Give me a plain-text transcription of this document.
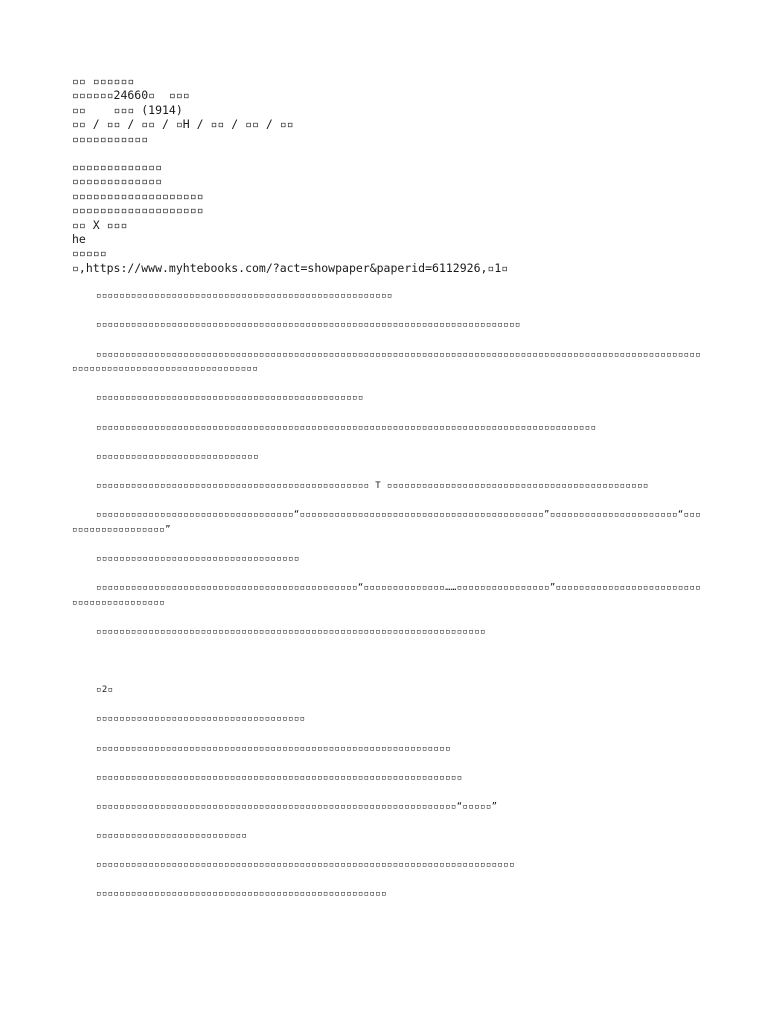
▫▫ ▫▫▫▫▫▫
▫▫▫▫▫▫24660▫  ▫▫▫
▫▫    ▫▫▫ (1914)
▫▫ / ▫▫ / ▫▫ / ▫H / ▫▫ / ▫▫ / ▫▫
▫▫▫▫▫▫▫▫▫▫▫
▫▫▫▫▫▫▫▫▫▫▫▫▫
▫▫▫▫▫▫▫▫▫▫▫▫▫
▫▫▫▫▫▫▫▫▫▫▫▫▫▫▫▫▫▫▫
▫▫▫▫▫▫▫▫▫▫▫▫▫▫▫▫▫▫▫
▫▫ X ▫▫▫
he
▫▫▫▫▫
▫,https://www.myhtebooks.com/?act=showpaper&paperid=6112926,▫1▫

▫▫▫▫▫▫▫▫▫▫▫▫▫▫▫▫▫▫▫▫▫▫▫▫▫▫▫▫▫▫▫▫▫▫▫▫▫▫▫▫▫▫▫▫▫▫▫▫▫▫▫

▫▫▫▫▫▫▫▫▫▫▫▫▫▫▫▫▫▫▫▫▫▫▫▫▫▫▫▫▫▫▫▫▫▫▫▫▫▫▫▫▫▫▫▫▫▫▫▫▫▫▫▫▫▫▫▫▫▫▫▫▫▫▫▫▫▫▫▫▫▫▫▫▫

▫▫▫▫▫▫▫▫▫▫▫▫▫▫▫▫▫▫▫▫▫▫▫▫▫▫▫▫▫▫▫▫▫▫▫▫▫▫▫▫▫▫▫▫▫▫▫▫▫▫▫▫▫▫▫▫▫▫▫▫▫▫▫▫▫▫▫▫▫▫▫▫▫▫▫▫▫▫▫▫▫▫▫▫▫▫▫▫▫▫▫▫▫▫▫▫▫▫▫▫▫▫▫▫▫▫▫▫▫▫▫▫▫▫▫▫▫▫▫▫▫▫▫▫▫▫▫▫▫▫▫▫▫▫▫▫

▫▫▫▫▫▫▫▫▫▫▫▫▫▫▫▫▫▫▫▫▫▫▫▫▫▫▫▫▫▫▫▫▫▫▫▫▫▫▫▫▫▫▫▫▫▫

▫▫▫▫▫▫▫▫▫▫▫▫▫▫▫▫▫▫▫▫▫▫▫▫▫▫▫▫▫▫▫▫▫▫▫▫▫▫▫▫▫▫▫▫▫▫▫▫▫▫▫▫▫▫▫▫▫▫▫▫▫▫▫▫▫▫▫▫▫▫▫▫▫▫▫▫▫▫▫▫▫▫▫▫▫▫

▫▫▫▫▫▫▫▫▫▫▫▫▫▫▫▫▫▫▫▫▫▫▫▫▫▫▫▫

▫▫▫▫▫▫▫▫▫▫▫▫▫▫▫▫▫▫▫▫▫▫▫▫▫▫▫▫▫▫▫▫▫▫▫▫▫▫▫▫▫▫▫▫▫▫▫ T ▫▫▫▫▫▫▫▫▫▫▫▫▫▫▫▫▫▫▫▫▫▫▫▫▫▫▫▫▫▫▫▫▫▫▫▫▫▫▫▫▫▫▫▫▫

▫▫▫▫▫▫▫▫▫▫▫▫▫▫▫▫▫▫▫▫▫▫▫▫▫▫▫▫▫▫▫▫▫▫“▫▫▫▫▫▫▫▫▫▫▫▫▫▫▫▫▫▫▫▫▫▫▫▫▫▫▫▫▫▫▫▫▫▫▫▫▫▫▫▫▫▫”▫▫▫▫▫▫▫▫▫▫▫▫▫▫▫▫▫▫▫▫▫▫“▫▫▫▫▫▫▫▫▫▫▫▫▫▫▫▫▫▫▫”

▫▫▫▫▫▫▫▫▫▫▫▫▫▫▫▫▫▫▫▫▫▫▫▫▫▫▫▫▫▫▫▫▫▫▫

▫▫▫▫▫▫▫▫▫▫▫▫▫▫▫▫▫▫▫▫▫▫▫▫▫▫▫▫▫▫▫▫▫▫▫▫▫▫▫▫▫▫▫▫▫“▫▫▫▫▫▫▫▫▫▫▫▫▫▫……▫▫▫▫▫▫▫▫▫▫▫▫▫▫▫▫”▫▫▫▫▫▫▫▫▫▫▫▫▫▫▫▫▫▫▫▫▫▫▫▫▫▫▫▫▫▫▫▫▫▫▫▫▫▫▫▫▫

▫▫▫▫▫▫▫▫▫▫▫▫▫▫▫▫▫▫▫▫▫▫▫▫▫▫▫▫▫▫▫▫▫▫▫▫▫▫▫▫▫▫▫▫▫▫▫▫▫▫▫▫▫▫▫▫▫▫▫▫▫▫▫▫▫▫▫

▫2▫

▫▫▫▫▫▫▫▫▫▫▫▫▫▫▫▫▫▫▫▫▫▫▫▫▫▫▫▫▫▫▫▫▫▫▫▫

▫▫▫▫▫▫▫▫▫▫▫▫▫▫▫▫▫▫▫▫▫▫▫▫▫▫▫▫▫▫▫▫▫▫▫▫▫▫▫▫▫▫▫▫▫▫▫▫▫▫▫▫▫▫▫▫▫▫▫▫▫

▫▫▫▫▫▫▫▫▫▫▫▫▫▫▫▫▫▫▫▫▫▫▫▫▫▫▫▫▫▫▫▫▫▫▫▫▫▫▫▫▫▫▫▫▫▫▫▫▫▫▫▫▫▫▫▫▫▫▫▫▫▫▫

▫▫▫▫▫▫▫▫▫▫▫▫▫▫▫▫▫▫▫▫▫▫▫▫▫▫▫▫▫▫▫▫▫▫▫▫▫▫▫▫▫▫▫▫▫▫▫▫▫▫▫▫▫▫▫▫▫▫▫▫▫▫“▫▫▫▫▫”

▫▫▫▫▫▫▫▫▫▫▫▫▫▫▫▫▫▫▫▫▫▫▫▫▫▫

▫▫▫▫▫▫▫▫▫▫▫▫▫▫▫▫▫▫▫▫▫▫▫▫▫▫▫▫▫▫▫▫▫▫▫▫▫▫▫▫▫▫▫▫▫▫▫▫▫▫▫▫▫▫▫▫▫▫▫▫▫▫▫▫▫▫▫▫▫▫▫▫

▫▫▫▫▫▫▫▫▫▫▫▫▫▫▫▫▫▫▫▫▫▫▫▫▫▫▫▫▫▫▫▫▫▫▫▫▫▫▫▫▫▫▫▫▫▫▫▫▫▫
